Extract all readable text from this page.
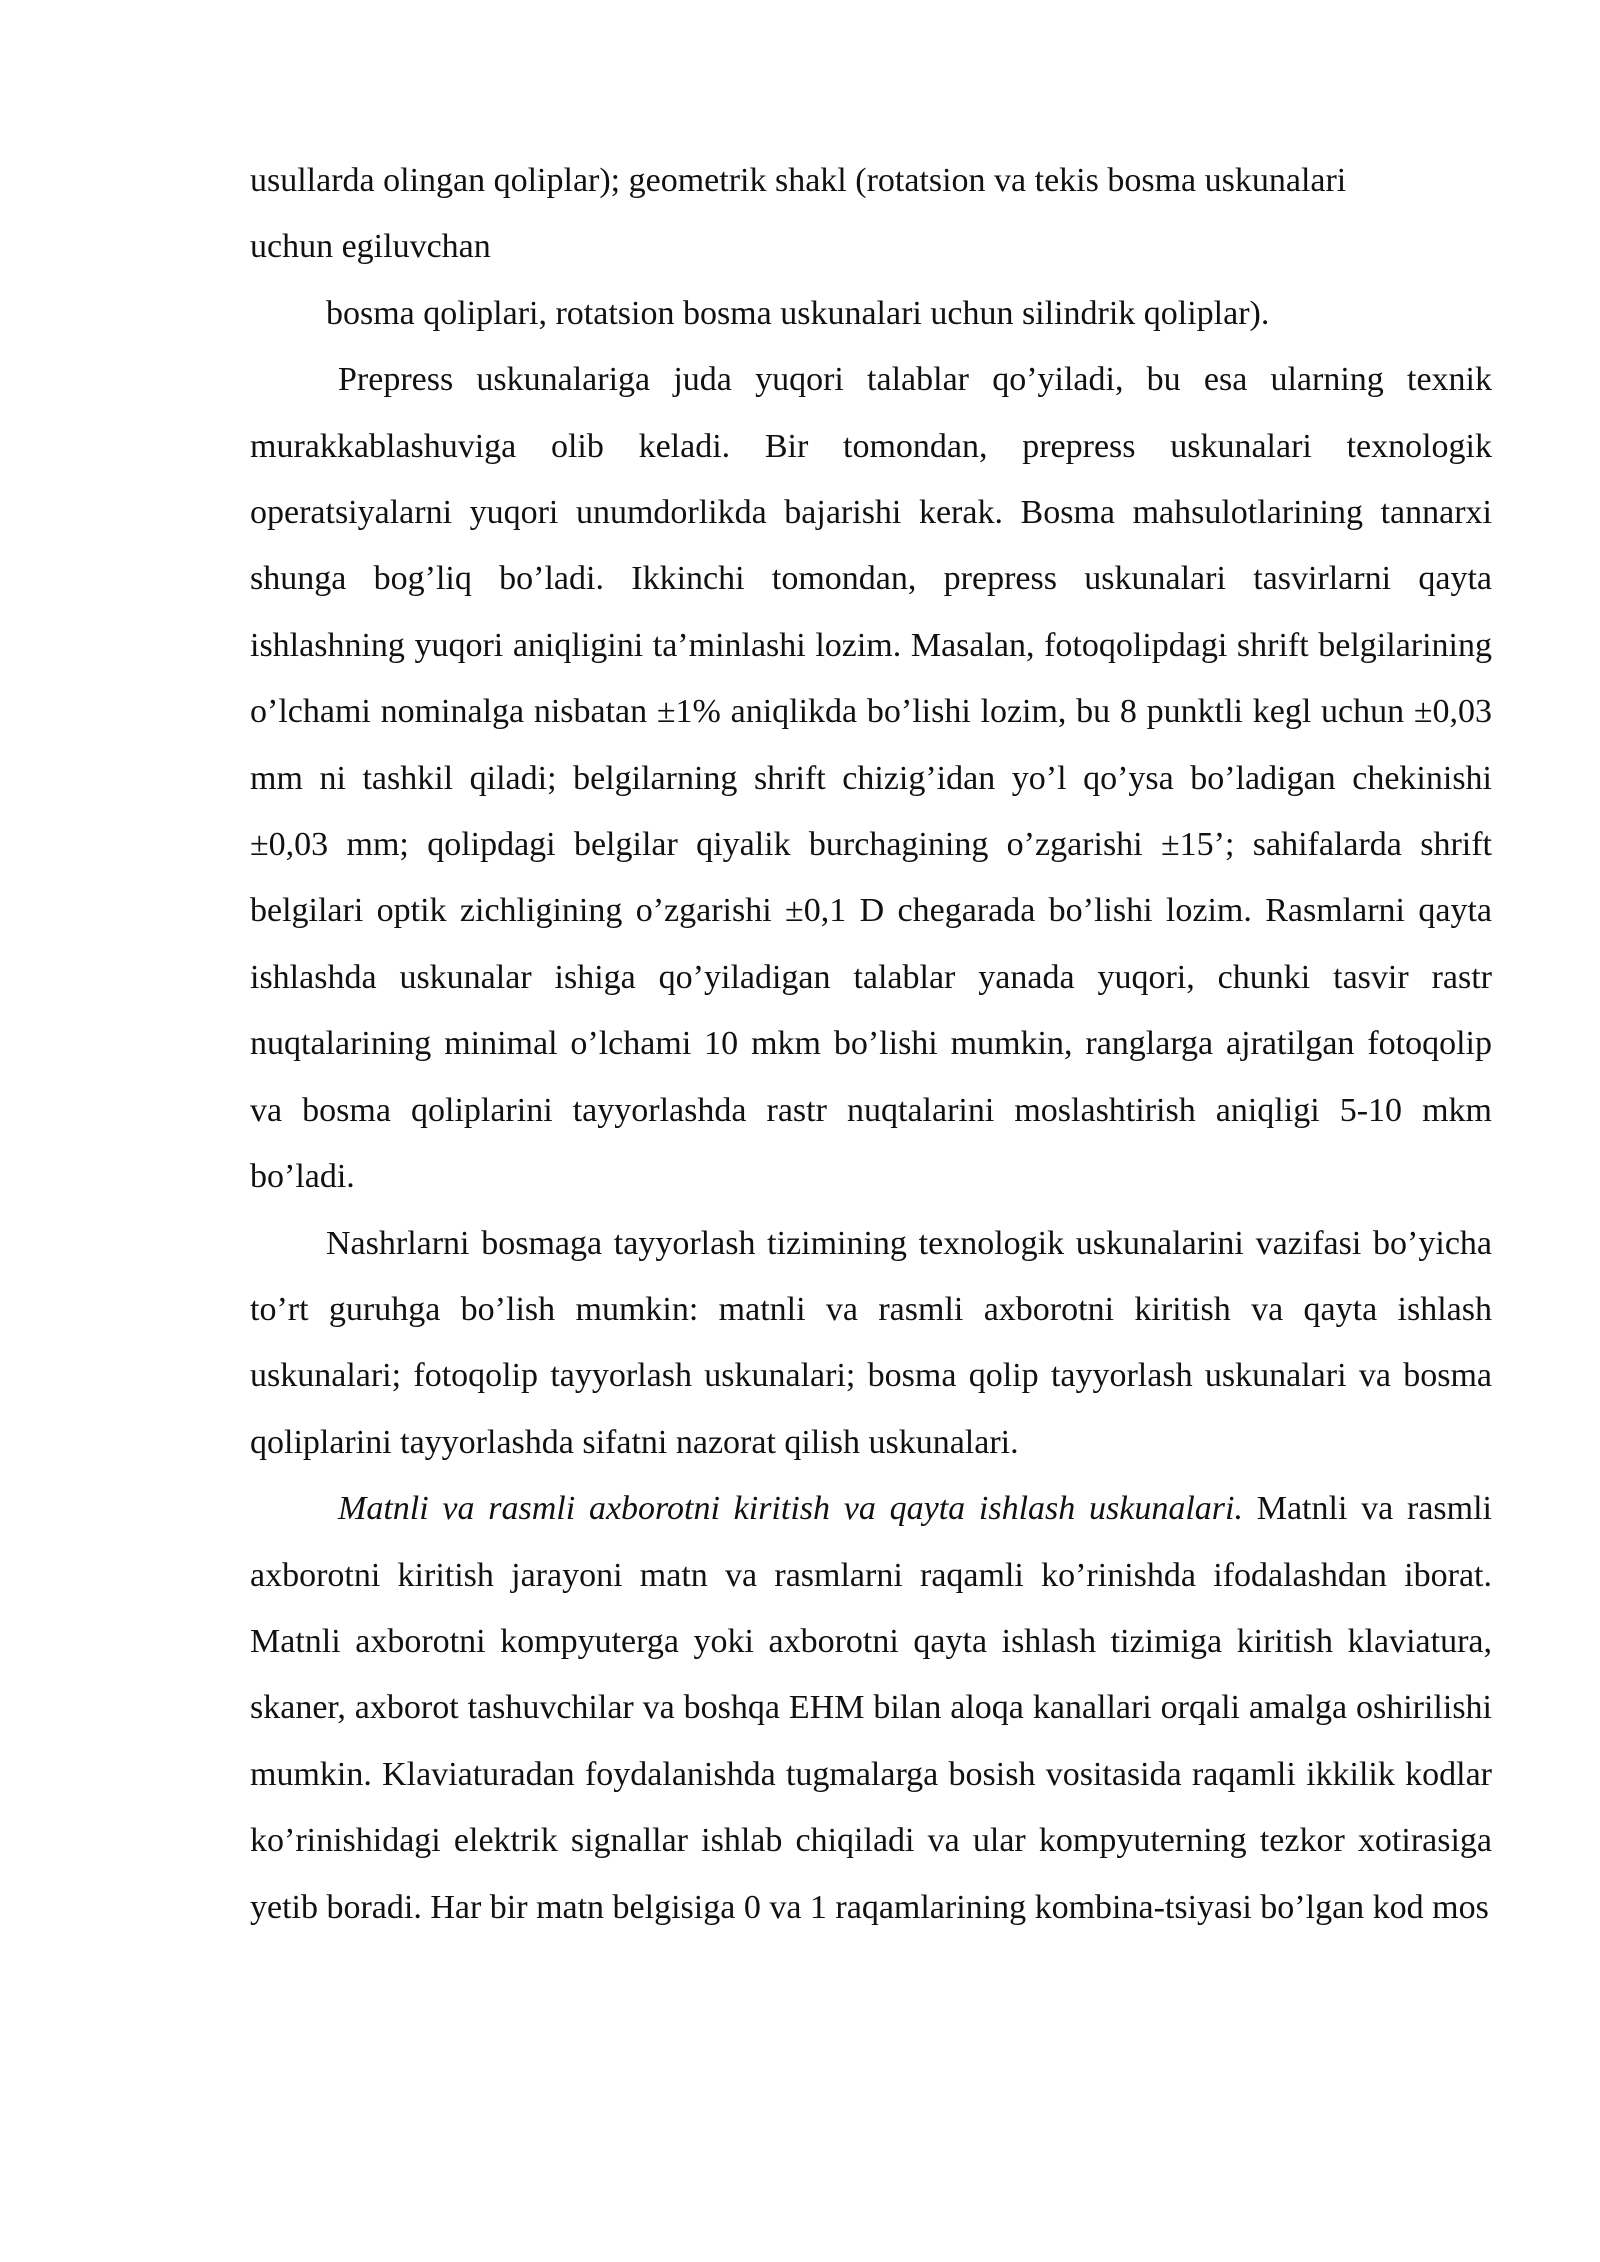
usullarda olingan qoliplar); geometrik shakl (rotatsion va tekis bosma uskunalari

uchun egiluvchan

bosma qoliplari, rotatsion bosma uskunalari uchun silindrik qoliplar).

Prepress uskunalariga juda yuqori talablar qo’yiladi, bu esa ularning texnik murakkablashuviga olib keladi. Bir tomondan, prepress uskunalari texnologik operatsiyalarni yuqori unumdorlikda bajarishi kerak. Bosma mahsulotlarining tannarxi shunga bog’liq bo’ladi. Ikkinchi tomondan, prepress uskunalari tasvirlarni qayta ishlashning yuqori aniqligini ta’minlashi lozim. Masalan, fotoqolipdagi shrift belgilarining o’lchami nominalga nisbatan ±1% aniqlikda bo’lishi lozim, bu 8 punktli kegl uchun ±0,03 mm ni tashkil qiladi; belgilarning shrift chizig’idan yo’l qo’ysa bo’ladigan chekinishi ±0,03 mm; qolipdagi belgilar qiyalik burchagining o’zgarishi ±15’; sahifalarda shrift belgilari optik zichligining o’zgarishi ±0,1 D chegarada bo’lishi lozim. Rasmlarni qayta ishlashda uskunalar ishiga qo’yiladigan talablar yanada yuqori, chunki tasvir rastr nuqtalarining minimal o’lchami 10 mkm bo’lishi mumkin, ranglarga ajratilgan fotoqolip va bosma qoliplarini tayyorlashda rastr nuqtalarini moslashtirish aniqligi 5-10 mkm bo’ladi.

Nashrlarni bosmaga tayyorlash tizimining texnologik uskunalarini vazifasi bo’yicha to’rt guruhga bo’lish mumkin: matnli va rasmli axborotni kiritish va qayta ishlash uskunalari; fotoqolip tayyorlash uskunalari; bosma qolip tayyorlash uskunalari va bosma qoliplarini tayyorlashda sifatni nazorat qilish uskunalari.

Matnli va rasmli axborotni kiritish va qayta ishlash uskunalari. Matnli va rasmli axborotni kiritish jarayoni matn va rasmlarni raqamli ko’rinishda ifodalashdan iborat. Matnli axborotni kompyuterga yoki axborotni qayta ishlash tizimiga kiritish klaviatura, skaner, axborot tashuvchilar va boshqa EHM bilan aloqa kanallari orqali amalga oshirilishi mumkin. Klaviaturadan foydalanishda tugmalarga bosish vositasida raqamli ikkilik kodlar ko’rinishidagi elektrik signallar ishlab chiqiladi va ular kompyuterning tezkor xotirasiga yetib boradi. Har bir matn belgisiga 0 va 1 raqamlarining kombina-tsiyasi bo’lgan kod mos
